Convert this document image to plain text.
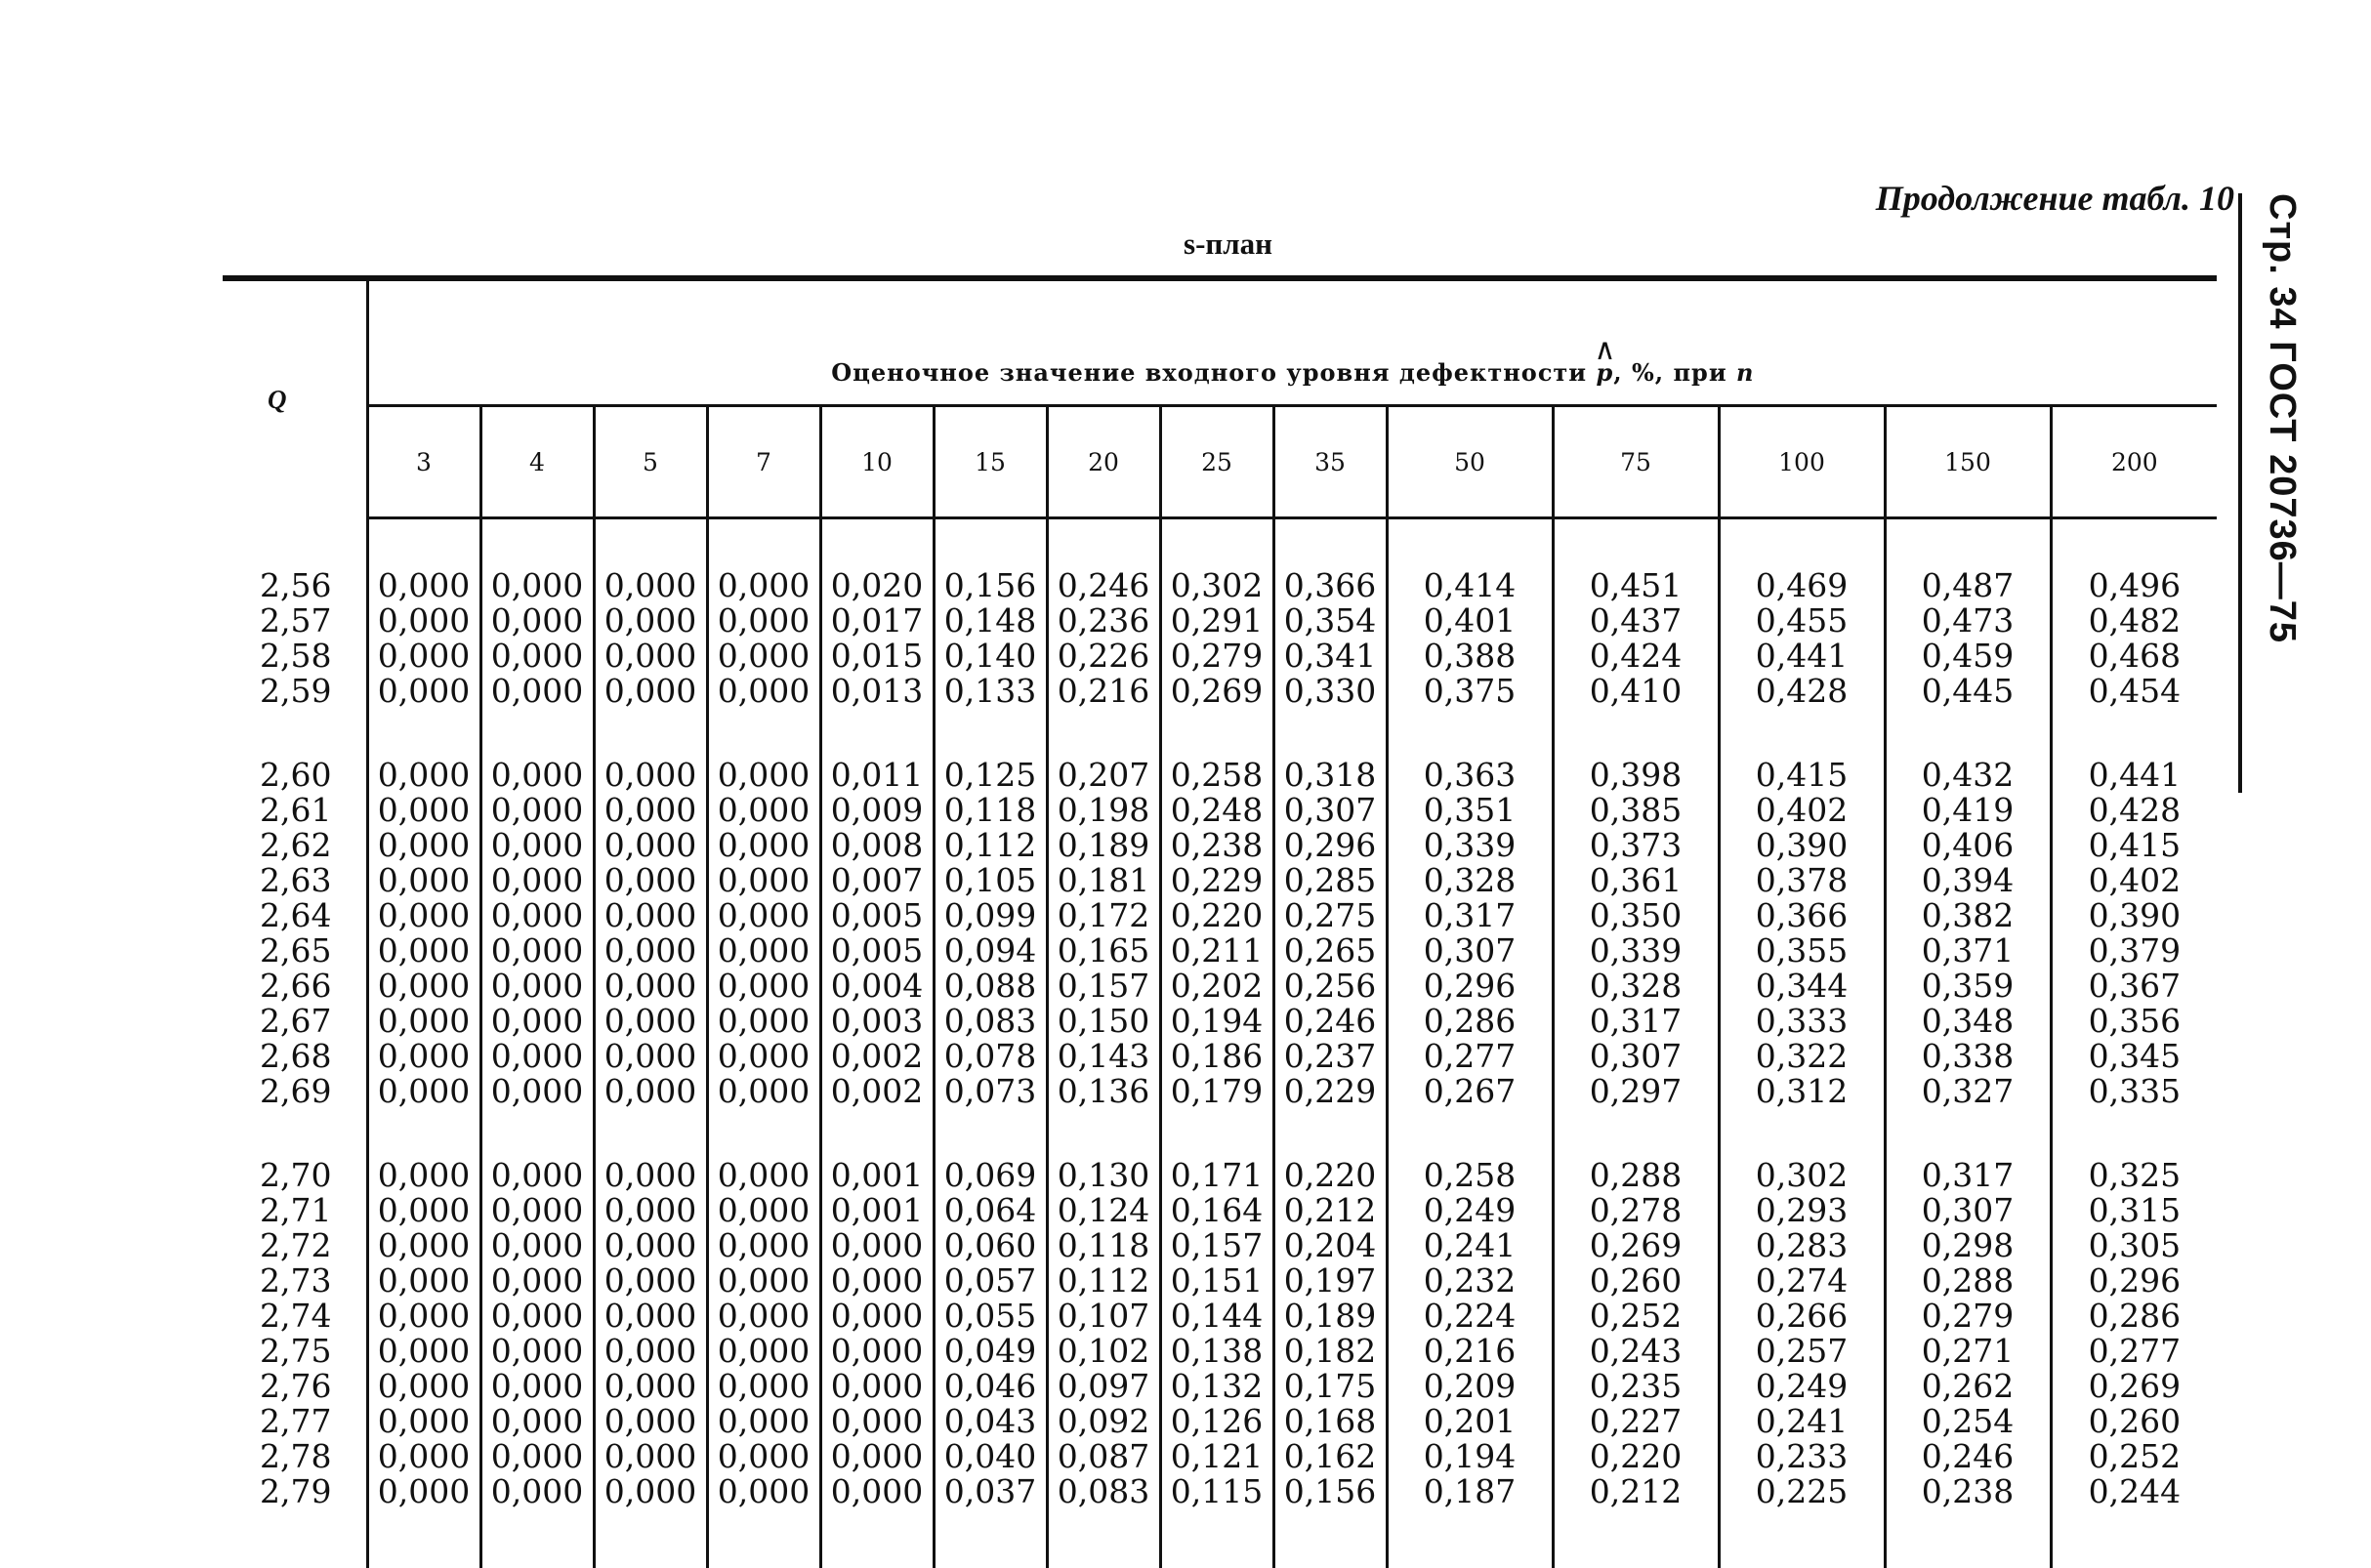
Продолжение табл. 10
s-план	Стр. 34 ГОСТ 20736—75
Q	Оценочное значение входного уровня дефектности ∧ p, %, при n
	3	4	5	7	10	15	20	25	35	50	75	100	150	200

2,56	0,000	0,000	0,000	0,000	0,020	0,156	0,246	0,302	0,366	0,414	0,451	0,469	0,487	0,496
2,57	0,000	0,000	0,000	0,000	0,017	0,148	0,236	0,291	0,354	0,401	0,437	0,455	0,473	0,482
2,58	0,000	0,000	0,000	0,000	0,015	0,140	0,226	0,279	0,341	0,388	0,424	0,441	0,459	0,468
2,59	0,000	0,000	0,000	0,000	0,013	0,133	0,216	0,269	0,330	0,375	0,410	0,428	0,445	0,454

2,60	0,000	0,000	0,000	0,000	0,011	0,125	0,207	0,258	0,318	0,363	0,398	0,415	0,432	0,441
2,61	0,000	0,000	0,000	0,000	0,009	0,118	0,198	0,248	0,307	0,351	0,385	0,402	0,419	0,428
2,62	0,000	0,000	0,000	0,000	0,008	0,112	0,189	0,238	0,296	0,339	0,373	0,390	0,406	0,415
2,63	0,000	0,000	0,000	0,000	0,007	0,105	0,181	0,229	0,285	0,328	0,361	0,378	0,394	0,402
2,64	0,000	0,000	0,000	0,000	0,005	0,099	0,172	0,220	0,275	0,317	0,350	0,366	0,382	0,390
2,65	0,000	0,000	0,000	0,000	0,005	0,094	0,165	0,211	0,265	0,307	0,339	0,355	0,371	0,379
2,66	0,000	0,000	0,000	0,000	0,004	0,088	0,157	0,202	0,256	0,296	0,328	0,344	0,359	0,367
2,67	0,000	0,000	0,000	0,000	0,003	0,083	0,150	0,194	0,246	0,286	0,317	0,333	0,348	0,356
2,68	0,000	0,000	0,000	0,000	0,002	0,078	0,143	0,186	0,237	0,277	0,307	0,322	0,338	0,345
2,69	0,000	0,000	0,000	0,000	0,002	0,073	0,136	0,179	0,229	0,267	0,297	0,312	0,327	0,335

2,70	0,000	0,000	0,000	0,000	0,001	0,069	0,130	0,171	0,220	0,258	0,288	0,302	0,317	0,325
2,71	0,000	0,000	0,000	0,000	0,001	0,064	0,124	0,164	0,212	0,249	0,278	0,293	0,307	0,315
2,72	0,000	0,000	0,000	0,000	0,000	0,060	0,118	0,157	0,204	0,241	0,269	0,283	0,298	0,305
2,73	0,000	0,000	0,000	0,000	0,000	0,057	0,112	0,151	0,197	0,232	0,260	0,274	0,288	0,296
2,74	0,000	0,000	0,000	0,000	0,000	0,055	0,107	0,144	0,189	0,224	0,252	0,266	0,279	0,286
2,75	0,000	0,000	0,000	0,000	0,000	0,049	0,102	0,138	0,182	0,216	0,243	0,257	0,271	0,277
2,76	0,000	0,000	0,000	0,000	0,000	0,046	0,097	0,132	0,175	0,209	0,235	0,249	0,262	0,269
2,77	0,000	0,000	0,000	0,000	0,000	0,043	0,092	0,126	0,168	0,201	0,227	0,241	0,254	0,260
2,78	0,000	0,000	0,000	0,000	0,000	0,040	0,087	0,121	0,162	0,194	0,220	0,233	0,246	0,252
2,79	0,000	0,000	0,000	0,000	0,000	0,037	0,083	0,115	0,156	0,187	0,212	0,225	0,238	0,244
